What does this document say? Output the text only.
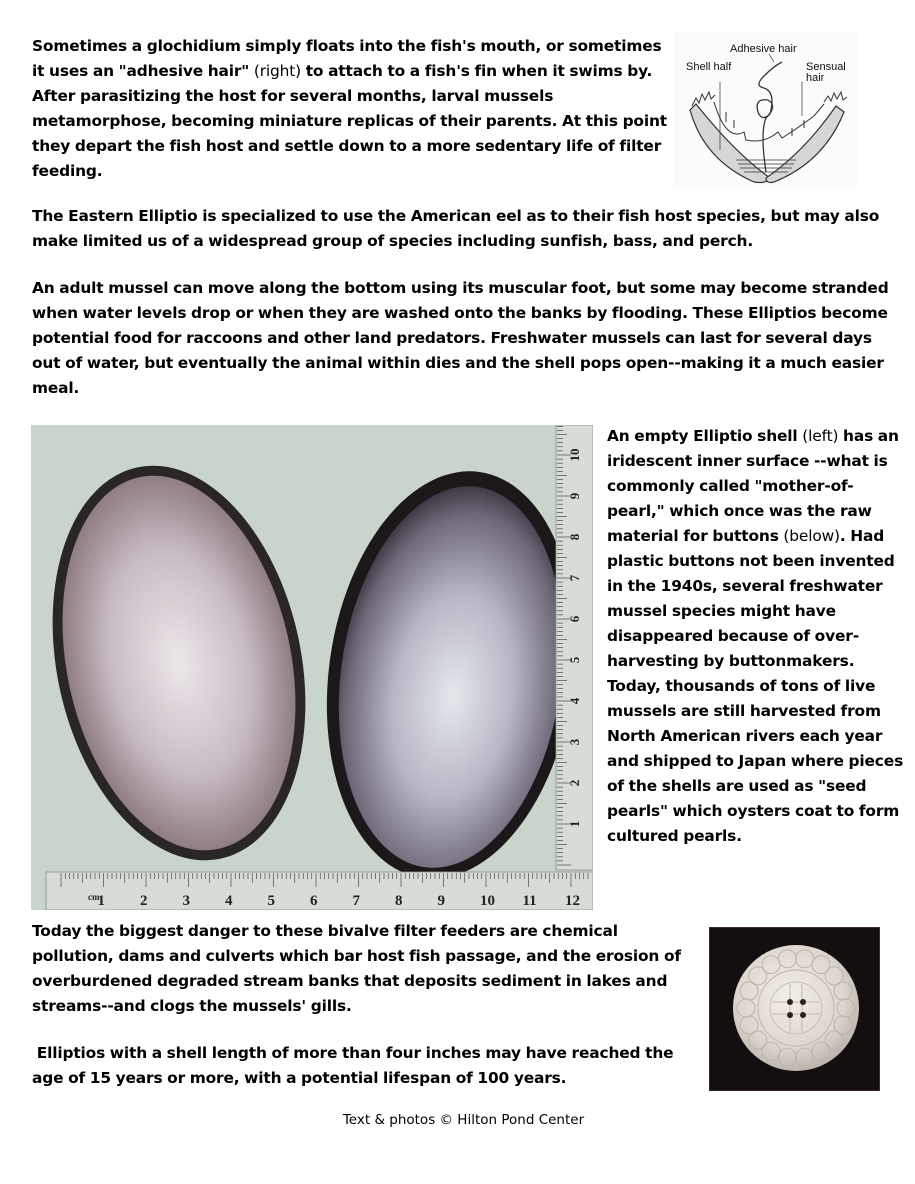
Sometimes a glochidium simply floats into the fish's mouth, or sometimes it uses an "adhesive hair" (right) to attach to a fish's fin when it swims by. After parasitizing the host for several months, larval mussels metamorphose, becoming miniature replicas of their parents. At this point they depart the fish host and settle down to a more sedentary life of filter feeding.

Adhesive hair
Shell half	Sensual
hair

The Eastern Elliptio is specialized to use the American eel as to their fish host species, but may also make limited us of a widespread group of species including sunfish, bass, and perch.

An adult mussel can move along the bottom using its muscular foot, but some may become stranded when water levels drop or when they are washed onto the banks by flooding. These Elliptios become potential food for raccoons and other land predators. Freshwater mussels can last for several days out of water, but eventually the animal within dies and the shell pops open--making it a much easier meal.

1
2
3
4
5
6
7
8
9
10
cm
1 2 3 4 5 6 7 8 9 10 11 12

An empty Elliptio shell (left) has an iridescent inner surface --what is commonly called "mother-of-pearl," which once was the raw material for buttons (below). Had plastic buttons not been invented in the 1940s, several freshwater mussel species might have disappeared because of over-harvesting by buttonmakers. Today, thousands of tons of live mussels are still harvested from North American rivers each year and shipped to Japan where pieces of the shells are used as "seed pearls" which oysters coat to form cultured pearls.

Today the biggest danger to these bivalve filter feeders are chemical pollution, dams and culverts which bar host fish passage, and the erosion of overburdened degraded stream banks that deposits sediment in lakes and streams--and clogs the mussels' gills.

Elliptios with a shell length of more than four inches may have reached the age of 15 years or more, with a potential lifespan of 100 years.

Text & photos © Hilton Pond Center
